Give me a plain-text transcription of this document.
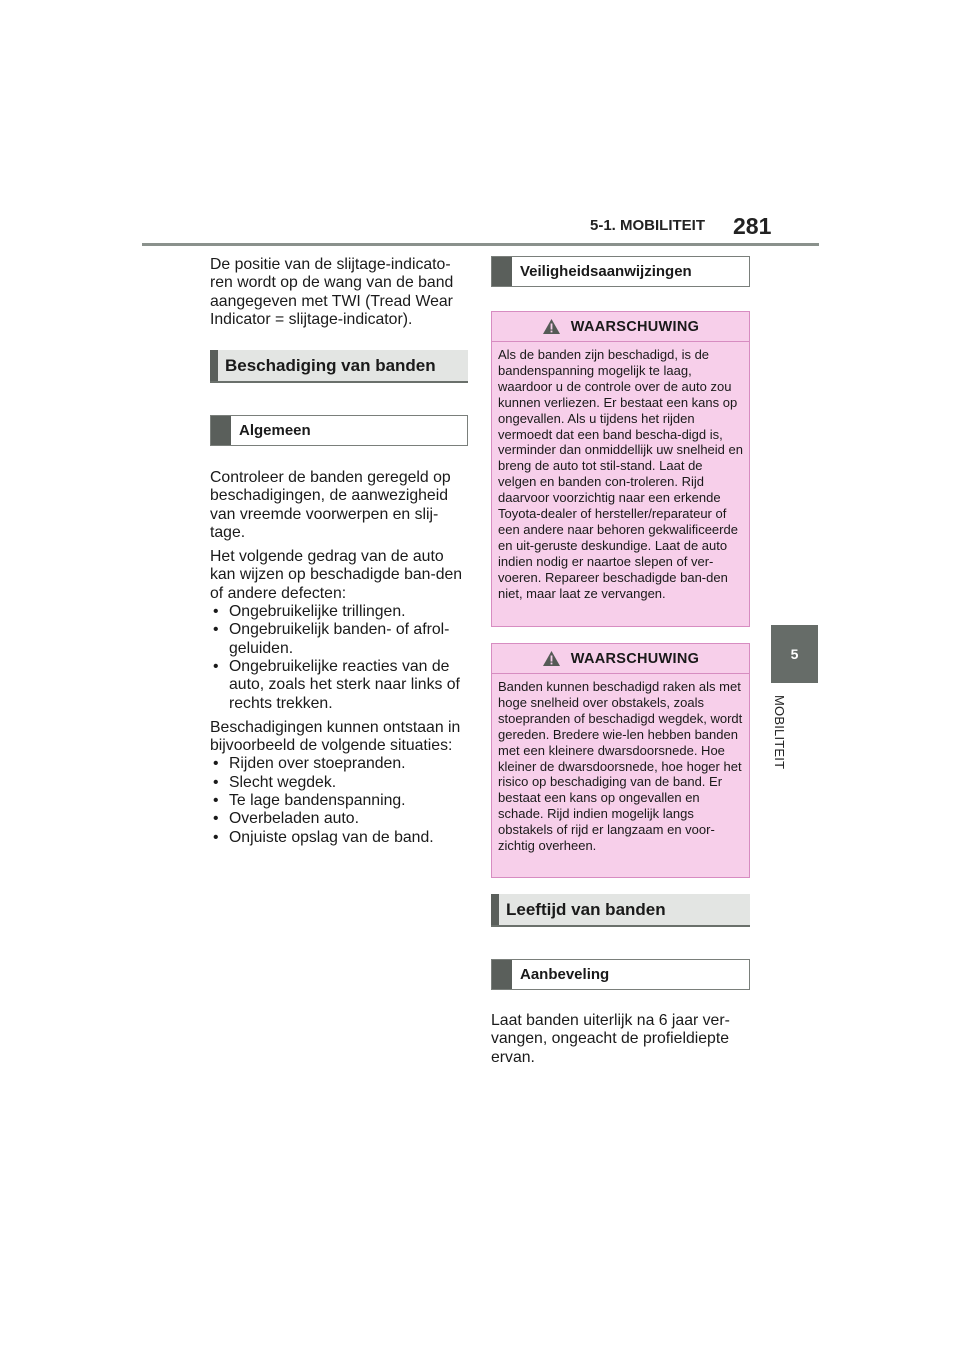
5-1. MOBILITEIT 281
5
MOBILITEIT

De positie van de slijtage-indicato-ren wordt op de wang van de band aangegeven met TWI (Tread Wear Indicator = slijtage-indicator).

Beschadiging van banden
Algemeen

Controleer de banden geregeld op beschadigingen, de aanwezigheid van vreemde voorwerpen en slij-tage.

Het volgende gedrag van de auto kan wijzen op beschadigde ban-den of andere defecten:

• Ongebruikelijke trillingen.
• Ongebruikelijk banden- of afrol-geluiden.
• Ongebruikelijke reacties van de auto, zoals het sterk naar links of rechts trekken.

Beschadigingen kunnen ontstaan in bijvoorbeeld de volgende situaties:

• Rijden over stoepranden.
• Slecht wegdek.
• Te lage bandenspanning.
• Overbeladen auto.
• Onjuiste opslag van de band.
Veiligheidsaanwijzingen
WAARSCHUWING

Als de banden zijn beschadigd, is de bandenspanning mogelijk te laag, waardoor u de controle over de auto zou kunnen verliezen. Er bestaat een kans op ongevallen. Als u tijdens het rijden vermoedt dat een band bescha-digd is, verminder dan onmiddellijk uw snelheid en breng de auto tot stil-stand. Laat de velgen en banden con-troleren. Rijd daarvoor voorzichtig naar een erkende Toyota-dealer of hersteller/reparateur of een andere naar behoren gekwalificeerde en uit-geruste deskundige. Laat de auto indien nodig er naartoe slepen of ver-voeren. Repareer beschadigde ban-den niet, maar laat ze vervangen.

WAARSCHUWING

Banden kunnen beschadigd raken als met hoge snelheid over obstakels, zoals stoepranden of beschadigd wegdek, wordt gereden. Bredere wie-len hebben banden met een kleinere dwarsdoorsnede. Hoe kleiner de dwarsdoorsnede, hoe hoger het risico op beschadiging van de band. Er bestaat een kans op ongevallen en schade. Rijd indien mogelijk langs obstakels of rijd er langzaam en voor-zichtig overheen.

Leeftijd van banden
Aanbeveling

Laat banden uiterlijk na 6 jaar ver-vangen, ongeacht de profieldiepte ervan.
